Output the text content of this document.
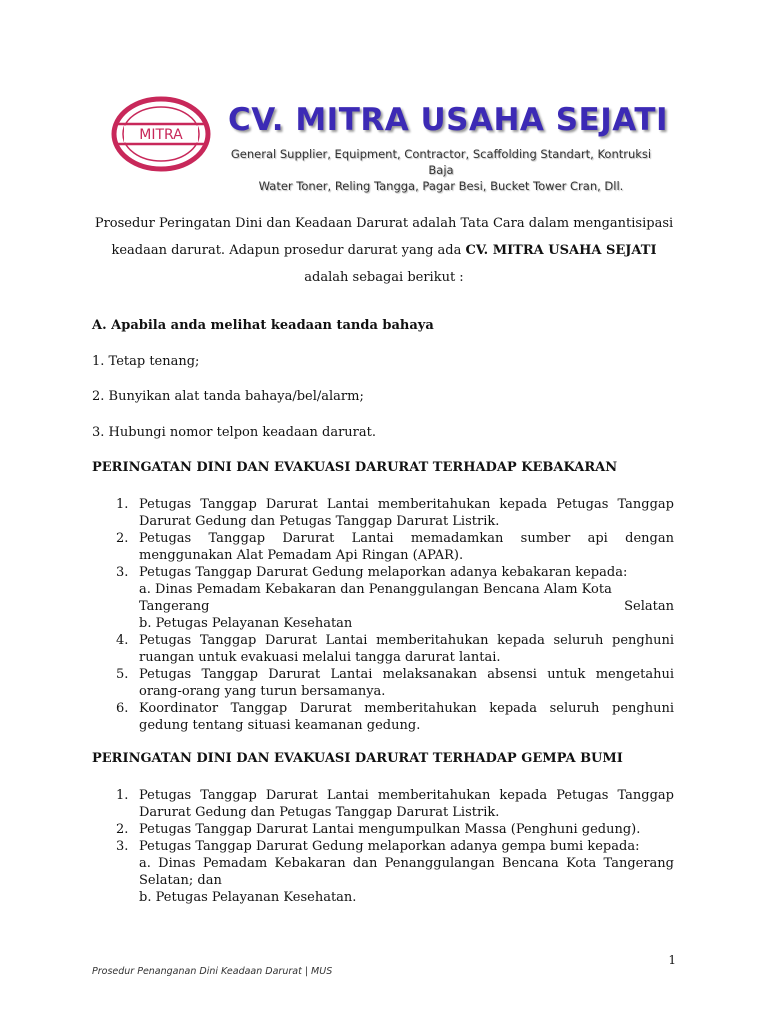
MITRA CV. MITRA USAHA SEJATI
General Supplier, Equipment, Contractor, Scaffolding Standart, Kontruksi Baja
Water Toner, Reling Tangga, Pagar Besi, Bucket Tower Cran, Dll.
Prosedur Peringatan Dini dan Keadaan Darurat adalah Tata Cara dalam mengantisipasi keadaan darurat. Adapun prosedur darurat yang ada CV. MITRA USAHA SEJATI adalah sebagai berikut :
A. Apabila anda melihat keadaan tanda bahaya
1. Tetap tenang;
2. Bunyikan alat tanda bahaya/bel/alarm;
3. Hubungi nomor telpon keadaan darurat.
PERINGATAN DINI DAN EVAKUASI DARURAT TERHADAP KEBAKARAN
1. Petugas Tanggap Darurat Lantai memberitahukan kepada Petugas Tanggap Darurat Gedung dan Petugas Tanggap Darurat Listrik.
2. Petugas Tanggap Darurat Lantai memadamkan sumber api dengan menggunakan Alat Pemadam Api Ringan (APAR).
3. Petugas Tanggap Darurat Gedung melaporkan adanya kebakaran kepada:
a. Dinas Pemadam Kebakaran dan Penanggulangan Bencana Alam Kota
Tangerang	Selatan
b. Petugas Pelayanan Kesehatan
4. Petugas Tanggap Darurat Lantai memberitahukan kepada seluruh penghuni ruangan untuk evakuasi melalui tangga darurat lantai.
5. Petugas Tanggap Darurat Lantai melaksanakan absensi untuk mengetahui orang-orang yang turun bersamanya.
6. Koordinator Tanggap Darurat memberitahukan kepada seluruh penghuni gedung tentang situasi keamanan gedung.
PERINGATAN DINI DAN EVAKUASI DARURAT TERHADAP GEMPA BUMI
1. Petugas Tanggap Darurat Lantai memberitahukan kepada Petugas Tanggap Darurat Gedung dan Petugas Tanggap Darurat Listrik.
2. Petugas Tanggap Darurat Lantai mengumpulkan Massa (Penghuni gedung).
3. Petugas Tanggap Darurat Gedung melaporkan adanya gempa bumi kepada:
a. Dinas Pemadam Kebakaran dan Penanggulangan Bencana Kota Tangerang Selatan; dan
b. Petugas Pelayanan Kesehatan.
1
Prosedur Penanganan Dini Keadaan Darurat | MUS
